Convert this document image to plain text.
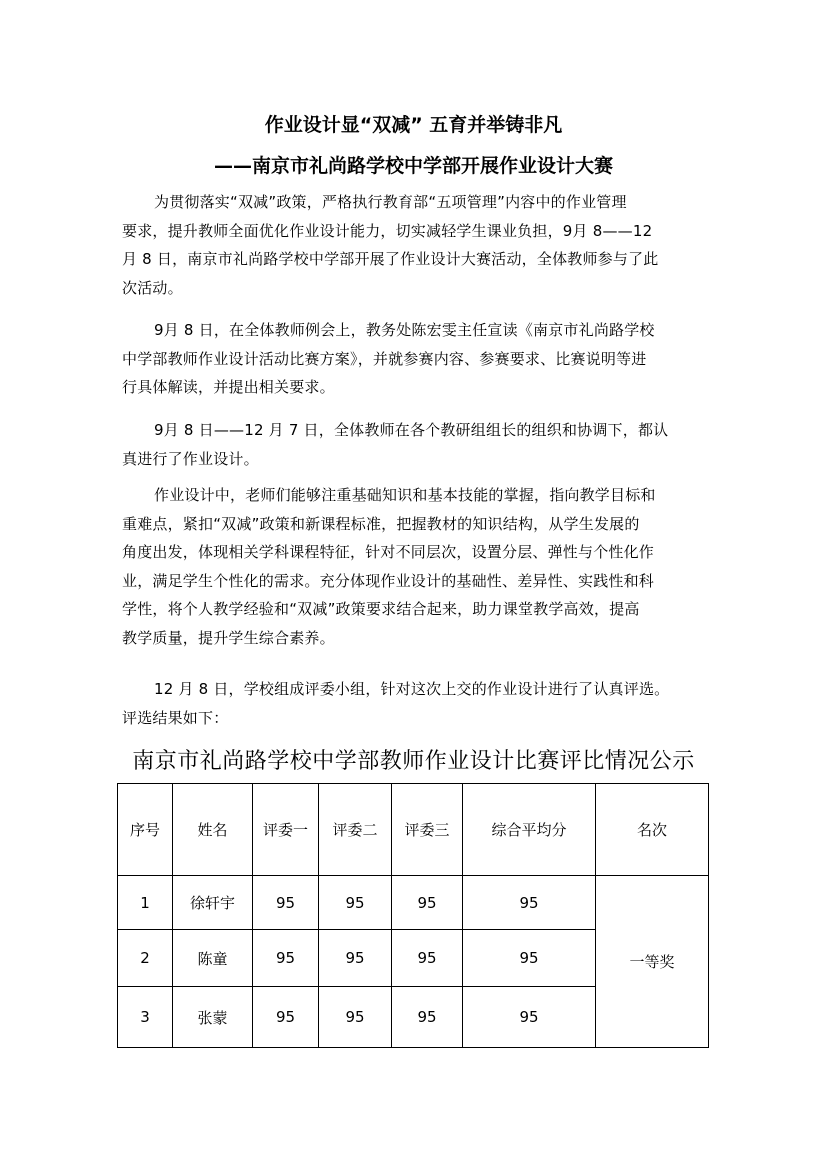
作业设计显“双减” 五育并举铸非凡
——南京市礼尚路学校中学部开展作业设计大赛
为贯彻落实“双减”政策，严格执行教育部“五项管理”内容中的作业管理
要求，提升教师全面优化作业设计能力，切实减轻学生课业负担，9月 8——12
月 8 日，南京市礼尚路学校中学部开展了作业设计大赛活动，全体教师参与了此
次活动。
9月 8 日，在全体教师例会上，教务处陈宏雯主任宣读《南京市礼尚路学校
中学部教师作业设计活动比赛方案》，并就参赛内容、参赛要求、比赛说明等进
行具体解读，并提出相关要求。
9月 8 日——12 月 7 日，全体教师在各个教研组组长的组织和协调下，都认
真进行了作业设计。
作业设计中，老师们能够注重基础知识和基本技能的掌握，指向教学目标和
重难点，紧扣“双减”政策和新课程标准，把握教材的知识结构，从学生发展的
角度出发，体现相关学科课程特征，针对不同层次，设置分层、弹性与个性化作
业，满足学生个性化的需求。充分体现作业设计的基础性、差异性、实践性和科
学性，将个人教学经验和“双减”政策要求结合起来，助力课堂教学高效，提高
教学质量，提升学生综合素养。
12 月 8 日，学校组成评委小组，针对这次上交的作业设计进行了认真评选。
评选结果如下：
南京市礼尚路学校中学部教师作业设计比赛评比情况公示
序号	姓名	评委一	评委二	评委三	综合平均分	名次
1	徐轩宇	95	95	95	95	一等奖
2	陈童	95	95	95	95	
3	张蒙	95	95	95	95	
